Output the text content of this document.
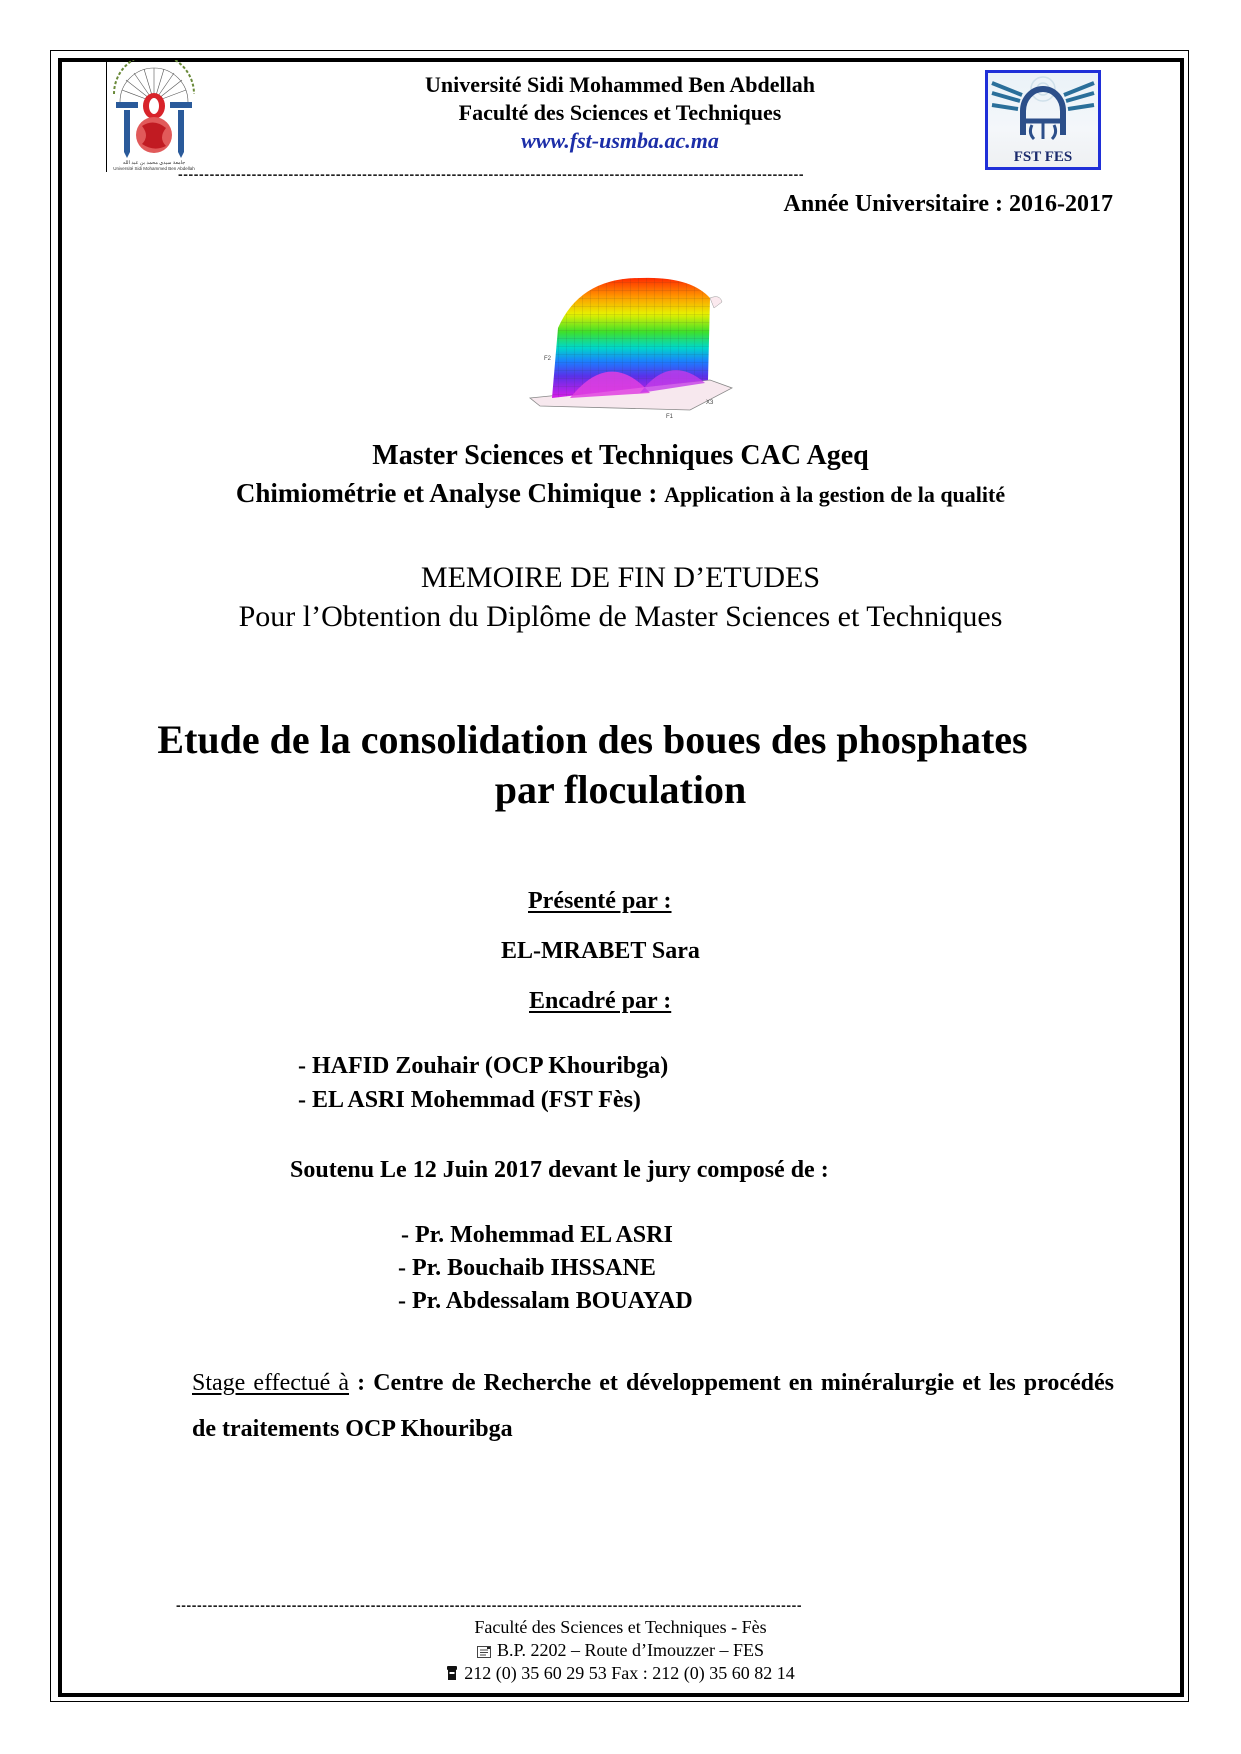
جامعة سيدي محمد بن عبد الله
Université Sidi Mohammed Ben Abdellah
Université Sidi Mohammed Ben Abdellah
Faculté des Sciences et Techniques
www.fst-usmba.ac.ma
FST FES
-----------------------------------------------------------------------------------------------------------------------
Année Universitaire : 2016-2017
F2
X3
F1
Master Sciences et Techniques CAC Ageq
Chimiométrie et Analyse Chimique : Application à la gestion de la qualité
MEMOIRE DE FIN D’ETUDES
Pour l’Obtention du Diplôme de Master Sciences et Techniques
Etude de la consolidation des boues des phosphates
par floculation
Présenté par :
EL-MRABET Sara
Encadré par :
- HAFID Zouhair (OCP Khouribga)
- EL ASRI Mohemmad (FST Fès)
Soutenu Le 12 Juin 2017 devant le jury composé de :
- Pr. Mohemmad EL ASRI
- Pr. Bouchaib IHSSANE
- Pr. Abdessalam BOUAYAD
Stage effectué à : Centre de Recherche et développement en minéralurgie et les procédés de traitements OCP Khouribga
-----------------------------------------------------------------------------------------------------------------------
Faculté des Sciences et Techniques - Fès
B.P. 2202 – Route d’Imouzzer – FES
212 (0) 35 60 29 53 Fax : 212 (0) 35 60 82 14
